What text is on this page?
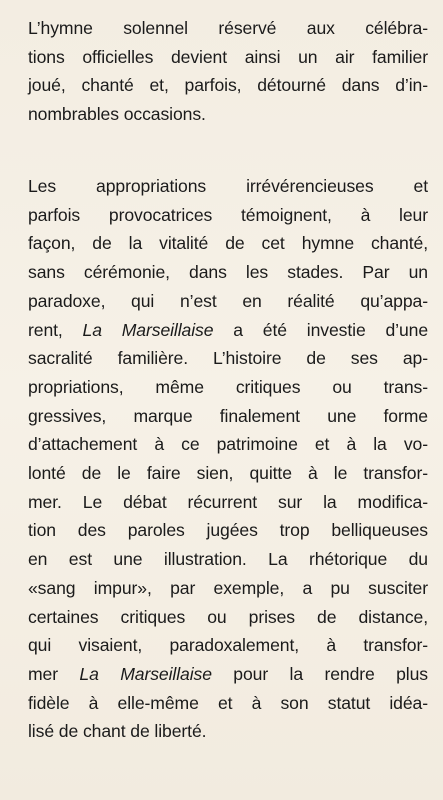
L’hymne solennel réservé aux célébra-
tions officielles devient ainsi un air familier
joué, chanté et, parfois, détourné dans d’in-
nombrables occasions.
Les appropriations irrévérencieuses et
parfois provocatrices témoignent, à leur
façon, de la vitalité de cet hymne chanté,
sans cérémonie, dans les stades. Par un
paradoxe, qui n’est en réalité qu’appa-
rent, La Marseillaise a été investie d’une
sacralité familière. L’histoire de ses ap-
propriations, même critiques ou trans-
gressives, marque finalement une forme
d’attachement à ce patrimoine et à la vo-
lonté de le faire sien, quitte à le transfor-
mer. Le débat récurrent sur la modifica-
tion des paroles jugées trop belliqueuses
en est une illustration. La rhétorique du
«sang impur», par exemple, a pu susciter
certaines critiques ou prises de distance,
qui visaient, paradoxalement, à transfor-
mer La Marseillaise pour la rendre plus
fidèle à elle-même et à son statut idéa-
lisé de chant de liberté.
